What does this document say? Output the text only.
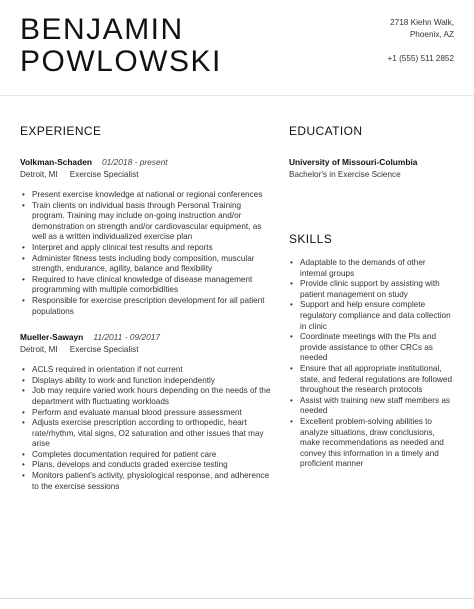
BENJAMIN
POWLOWSKI
2718 Kiehn Walk,
Phoenix, AZ
+1 (555) 511 2852
EXPERIENCE
Volkman-Schaden 01/2018 - present
Detroit, MI Exercise Specialist
• Present exercise knowledge at national or regional conferences
• Train clients on individual basis through Personal Training program. Training may include on-going instruction and/or demonstration on strength and/or cardiovascular equipment, as well as a written individualized exercise plan
• Interpret and apply clinical test results and reports
• Administer fitness tests including body composition, muscular strength, endurance, agility, balance and flexibility
• Required to have clinical knowledge of disease management programming with multiple comorbidities
• Responsible for exercise prescription development for all patient populations
Mueller-Sawayn 11/2011 - 09/2017
Detroit, MI Exercise Specialist
• ACLS required in orientation if not current
• Displays ability to work and function independently
• Job may require varied work hours depending on the needs of the department with fluctuating workloads
• Perform and evaluate manual blood pressure assessment
• Adjusts exercise prescription according to orthopedic, heart rate/rhythm, vital signs, O2 saturation and other issues that may arise
• Completes documentation required for patient care
• Plans, develops and conducts graded exercise testing
• Monitors patient's activity, physiological response, and adherence to the exercise sessions
EDUCATION
University of Missouri-Columbia
Bachelor's in Exercise Science
SKILLS
• Adaptable to the demands of other internal groups
• Provide clinic support by assisting with patient management on study
• Support and help ensure complete regulatory compliance and data collection in clinic
• Coordinate meetings with the PIs and provide assistance to other CRCs as needed
• Ensure that all appropriate institutional, state, and federal regulations are followed throughout the research protocols
• Assist with training new staff members as needed
• Excellent problem-solving abilities to analyze situations, draw conclusions, make recommendations as needed and convey this information in a timely and proficient manner
